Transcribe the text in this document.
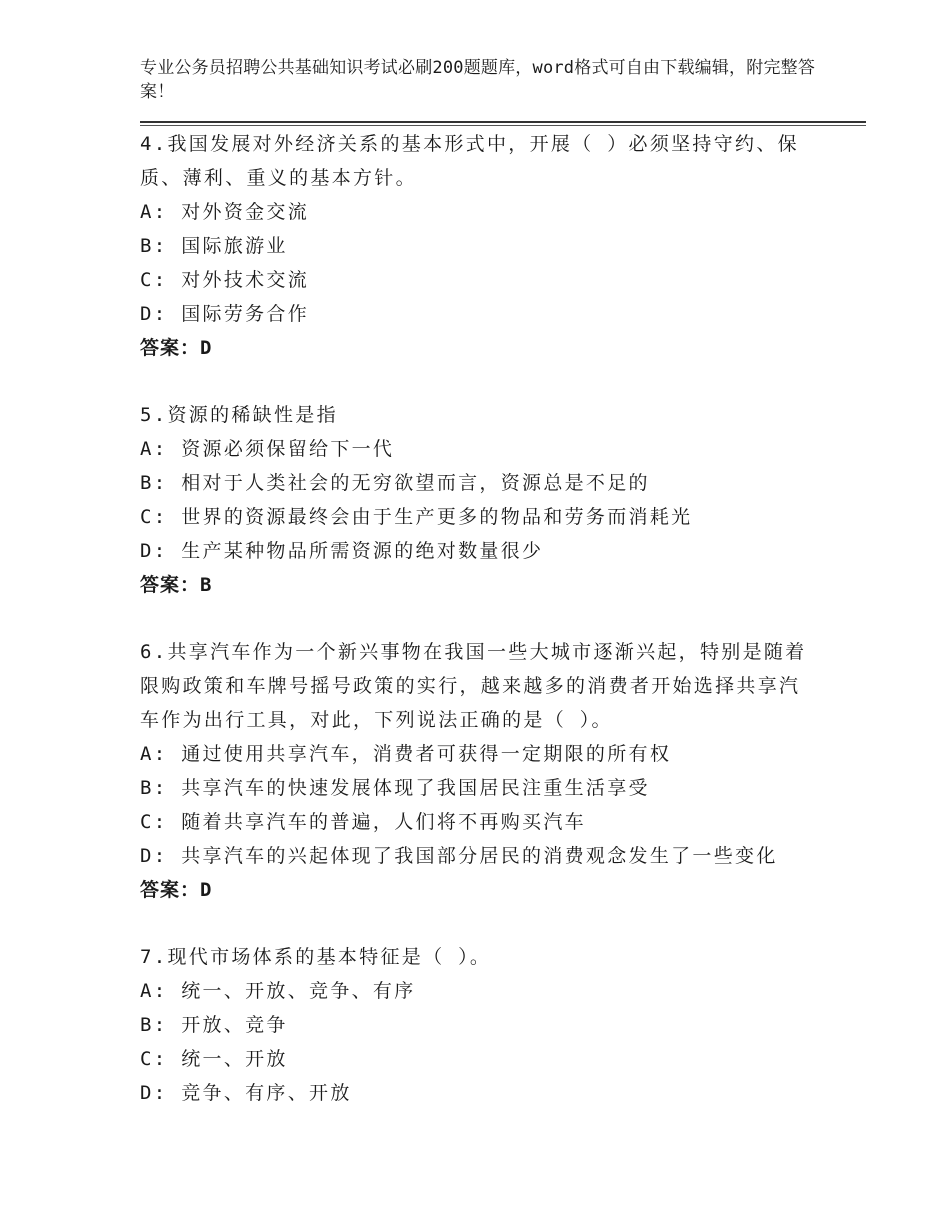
专业公务员招聘公共基础知识考试必刷200题题库，word格式可自由下载编辑，附完整答案！
4.我国发展对外经济关系的基本形式中，开展（ ）必须坚持守约、保质、薄利、重义的基本方针。
A: 对外资金交流
B: 国际旅游业
C: 对外技术交流
D: 国际劳务合作
答案：D
5.资源的稀缺性是指
A: 资源必须保留给下一代
B: 相对于人类社会的无穷欲望而言，资源总是不足的
C: 世界的资源最终会由于生产更多的物品和劳务而消耗光
D: 生产某种物品所需资源的绝对数量很少
答案：B
6.共享汽车作为一个新兴事物在我国一些大城市逐渐兴起，特别是随着限购政策和车牌号摇号政策的实行，越来越多的消费者开始选择共享汽车作为出行工具，对此，下列说法正确的是（ ）。
A: 通过使用共享汽车，消费者可获得一定期限的所有权
B: 共享汽车的快速发展体现了我国居民注重生活享受
C: 随着共享汽车的普遍，人们将不再购买汽车
D: 共享汽车的兴起体现了我国部分居民的消费观念发生了一些变化
答案：D
7.现代市场体系的基本特征是（ ）。
A: 统一、开放、竞争、有序
B: 开放、竞争
C: 统一、开放
D: 竞争、有序、开放
